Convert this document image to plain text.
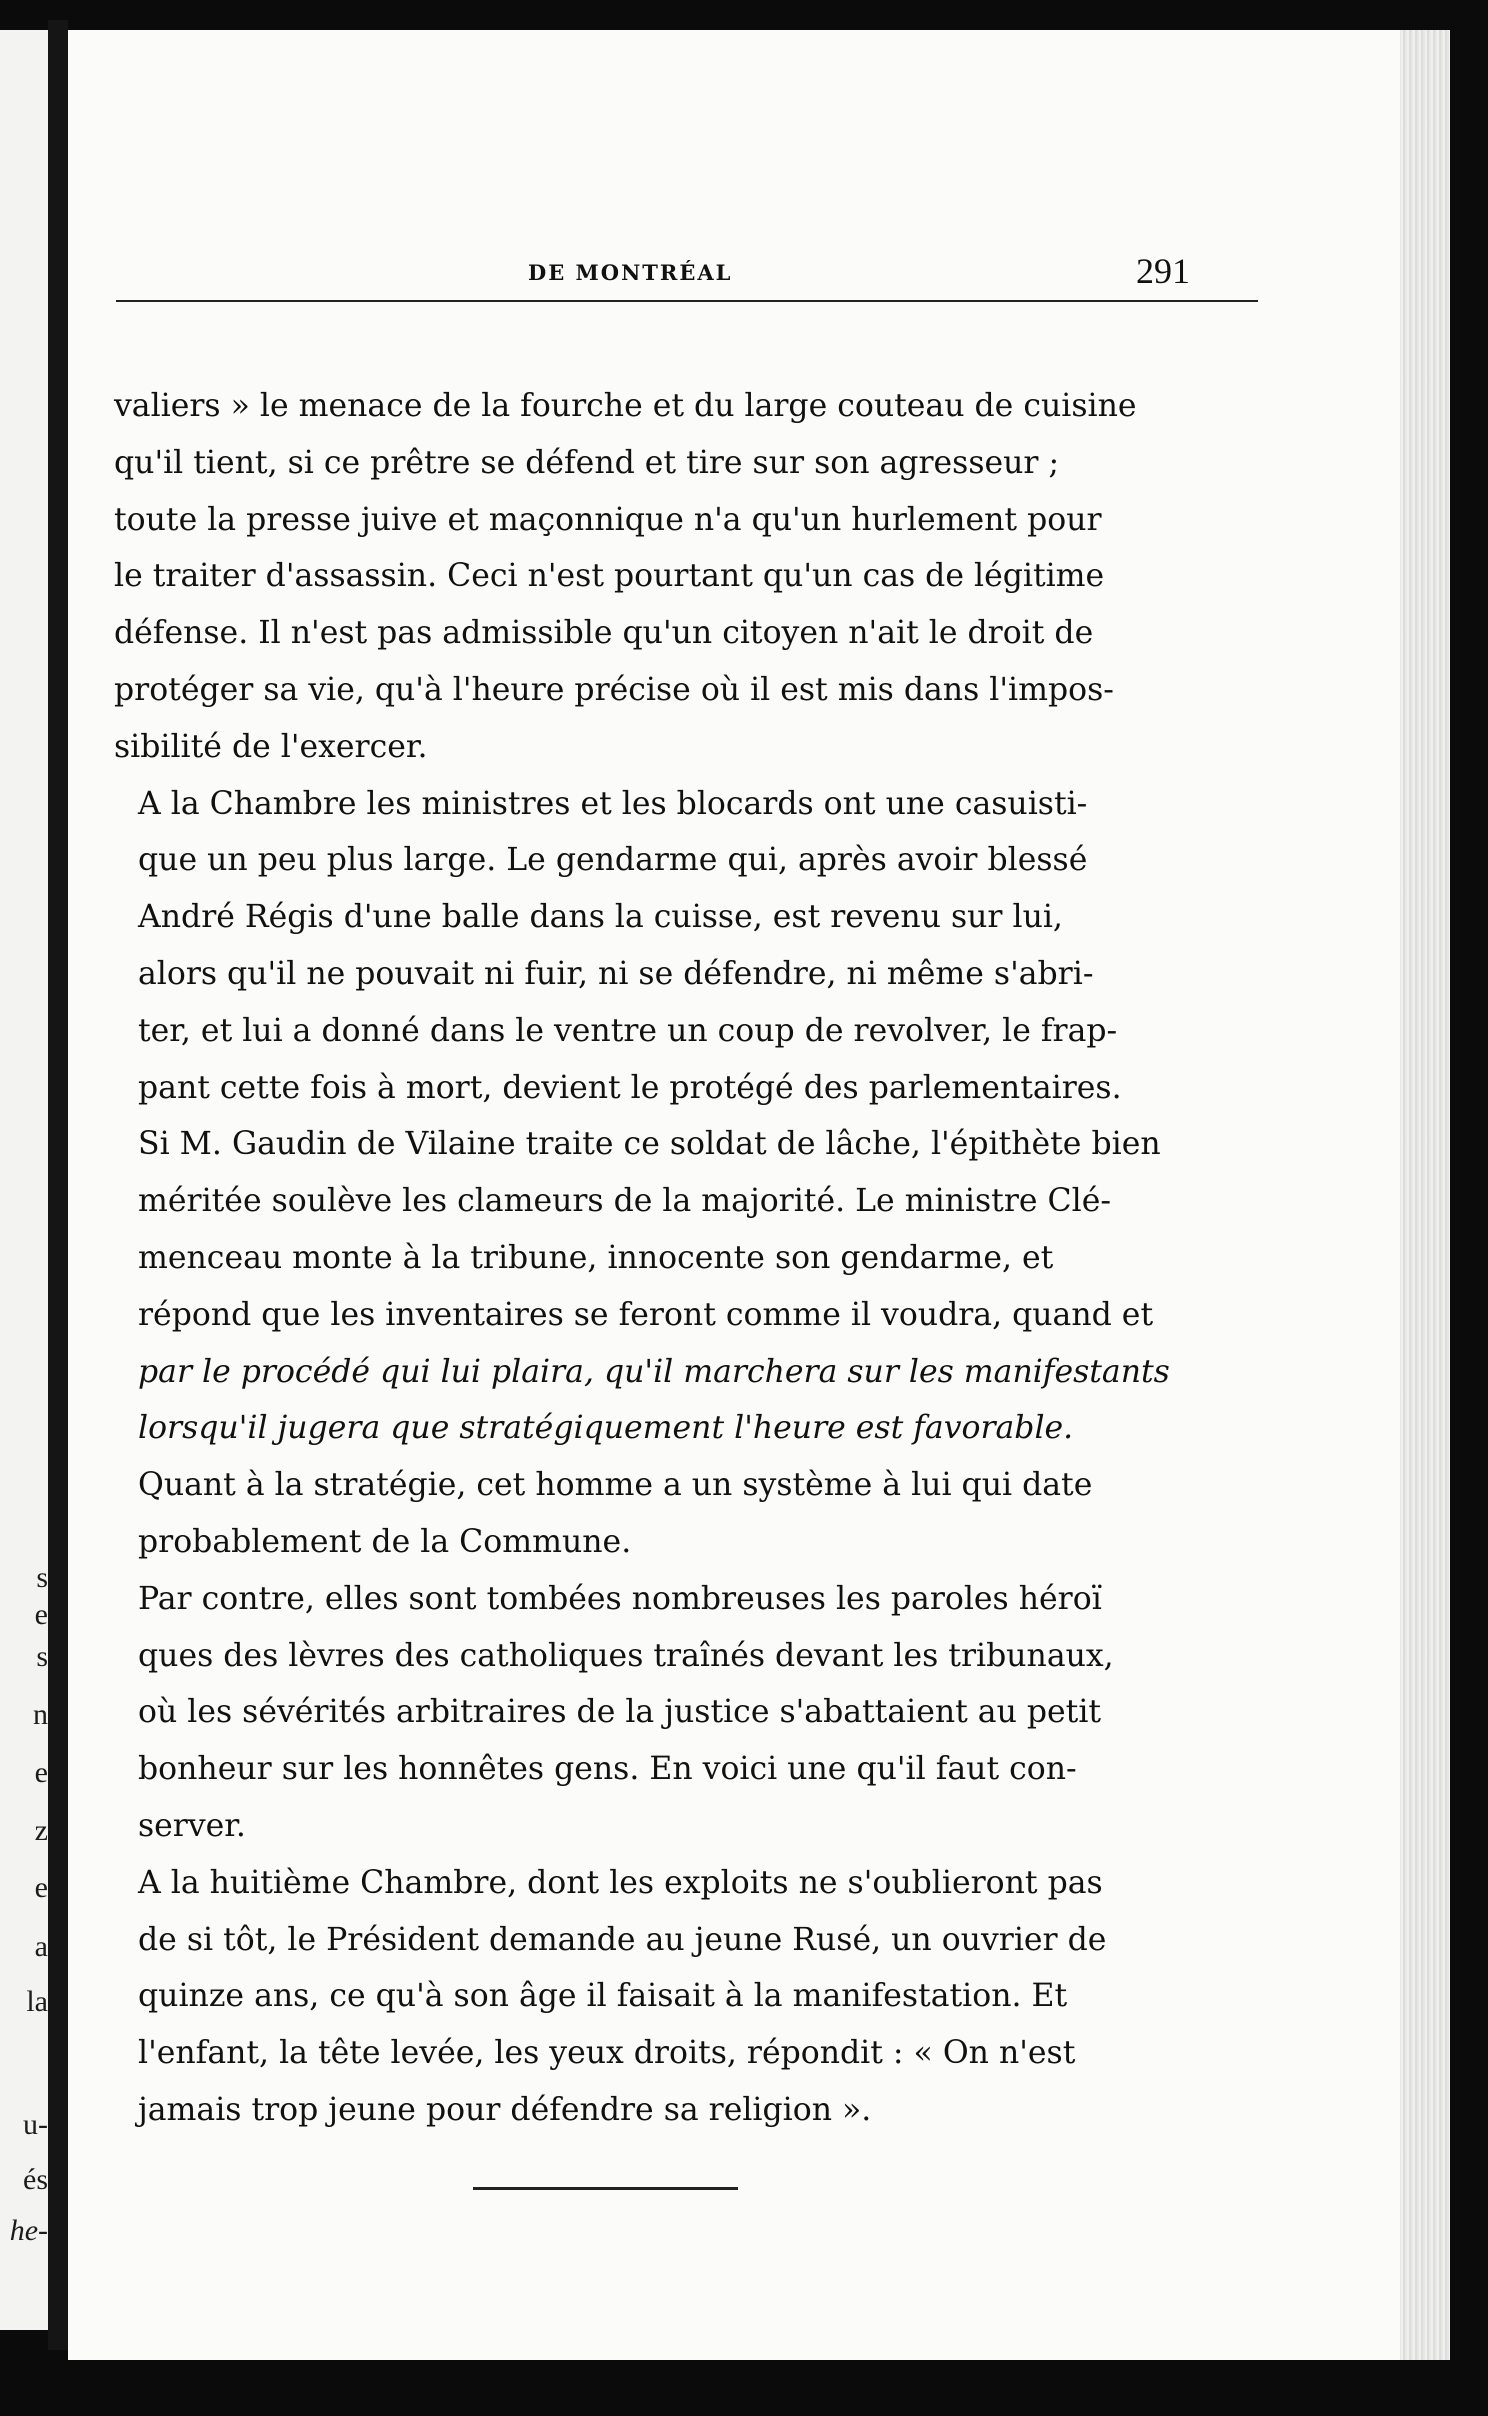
s
e
s
n
e
z
e
a
la
u-
és
he-
DE MONTRÉAL	291

valiers » le menace de la fourche et du large couteau de cuisine
qu'il tient, si ce prêtre se défend et tire sur son agresseur ;
toute la presse juive et maçonnique n'a qu'un hurlement pour
le traiter d'assassin. Ceci n'est pourtant qu'un cas de légitime
défense. Il n'est pas admissible qu'un citoyen n'ait le droit de
protéger sa vie, qu'à l'heure précise où il est mis dans l'impos-
sibilité de l'exercer.

A la Chambre les ministres et les blocards ont une casuisti-
que un peu plus large. Le gendarme qui, après avoir blessé
André Régis d'une balle dans la cuisse, est revenu sur lui,
alors qu'il ne pouvait ni fuir, ni se défendre, ni même s'abri-
ter, et lui a donné dans le ventre un coup de revolver, le frap-
pant cette fois à mort, devient le protégé des parlementaires.
Si M. Gaudin de Vilaine traite ce soldat de lâche, l'épithète bien
méritée soulève les clameurs de la majorité. Le ministre Clé-
menceau monte à la tribune, innocente son gendarme, et
répond que les inventaires se feront comme il voudra, quand et
par le procédé qui lui plaira, qu'il marchera sur les manifestants
lorsqu'il jugera que stratégiquement l'heure est favorable.

Quant à la stratégie, cet homme a un système à lui qui date
probablement de la Commune.

Par contre, elles sont tombées nombreuses les paroles héroï
ques des lèvres des catholiques traînés devant les tribunaux,
où les sévérités arbitraires de la justice s'abattaient au petit
bonheur sur les honnêtes gens. En voici une qu'il faut con-
server.

A la huitième Chambre, dont les exploits ne s'oublieront pas
de si tôt, le Président demande au jeune Rusé, un ouvrier de
quinze ans, ce qu'à son âge il faisait à la manifestation. Et
l'enfant, la tête levée, les yeux droits, répondit : « On n'est
jamais trop jeune pour défendre sa religion ».
